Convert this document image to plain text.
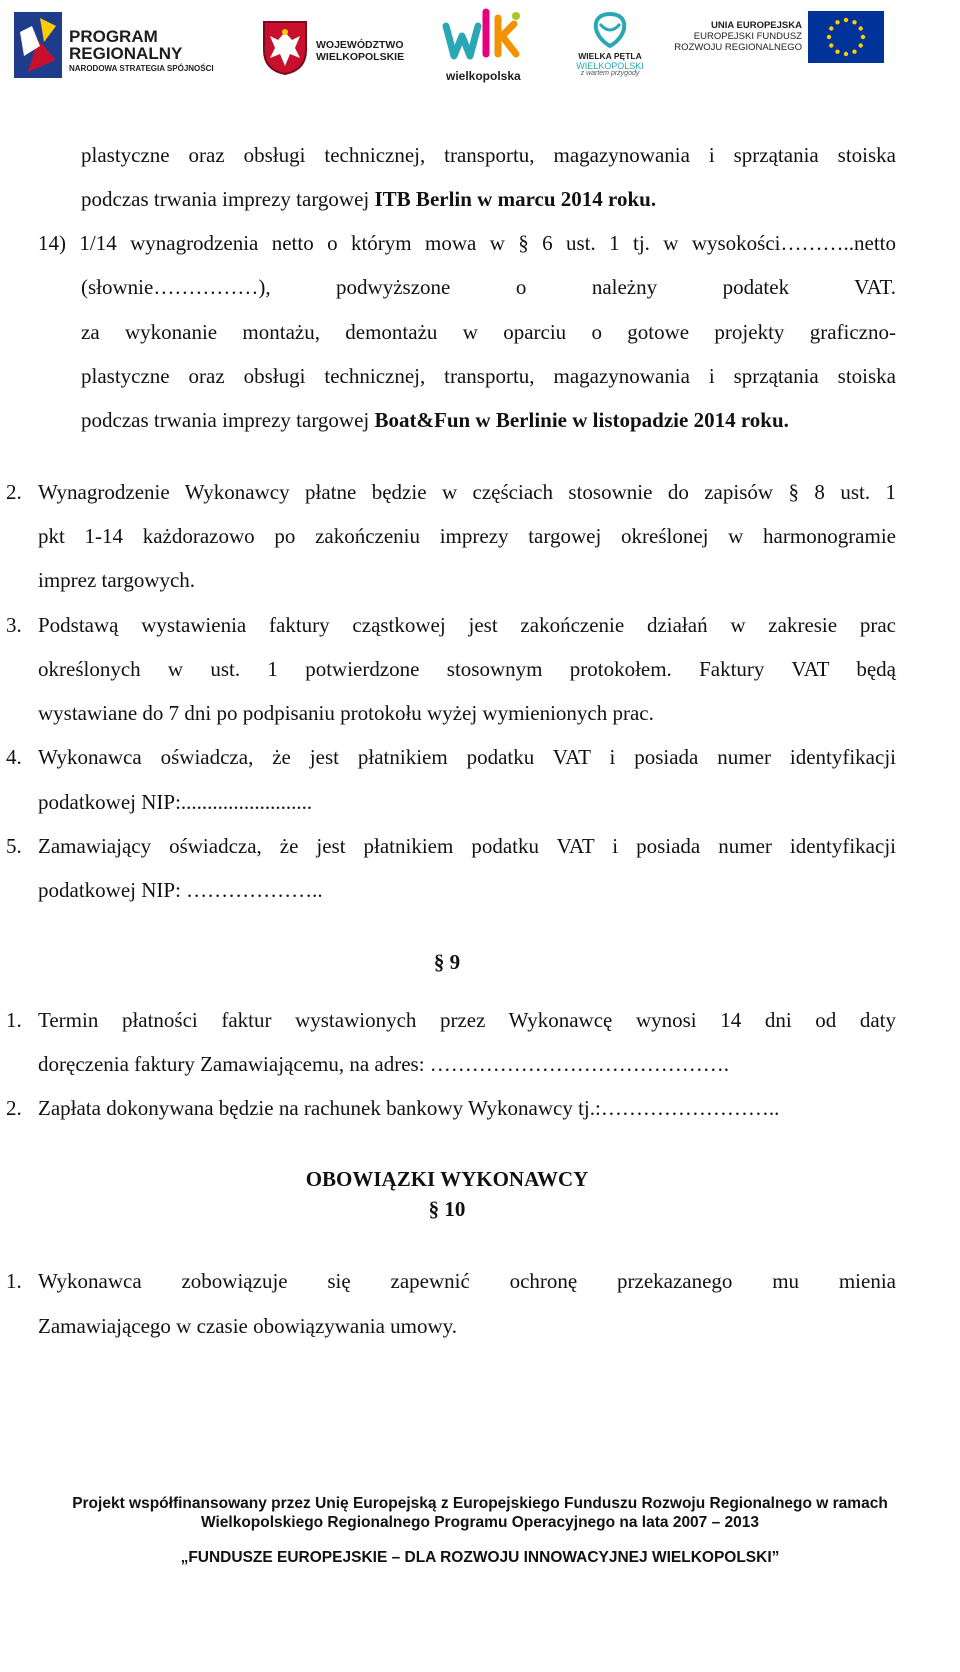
PROGRAM
REGIONALNY
NARODOWA STRATEGIA SPÓJNOŚCI
WOJEWÓDZTWO
WIELKOPOLSKIE
wielkopolska
WIELKA PĘTLA
WIELKOPOLSKI
z wartem przygody
UNIA EUROPEJSKA
EUROPEJSKI FUNDUSZ
ROZWOJU REGIONALNEGO
plastyczne oraz obsługi technicznej, transportu, magazynowania i sprzątania stoiska
podczas trwania imprezy targowej ITB Berlin w marcu 2014 roku.
14) 1/14 wynagrodzenia netto o którym mowa w § 6 ust. 1 tj. w wysokości………..netto
(słownie……………), podwyższone o należny podatek VAT.
za wykonanie montażu, demontażu w oparciu o gotowe projekty graficzno-
plastyczne oraz obsługi technicznej, transportu, magazynowania i sprzątania stoiska
podczas trwania imprezy targowej Boat&Fun w Berlinie w listopadzie 2014 roku.
2. Wynagrodzenie Wykonawcy płatne będzie w częściach stosownie do zapisów § 8 ust. 1
pkt 1-14 każdorazowo po zakończeniu imprezy targowej określonej w harmonogramie
imprez targowych.
3. Podstawą wystawienia faktury cząstkowej jest zakończenie działań w zakresie prac
określonych w ust. 1 potwierdzone stosownym protokołem. Faktury VAT będą
wystawiane do 7 dni po podpisaniu protokołu wyżej wymienionych prac.
4. Wykonawca oświadcza, że jest płatnikiem podatku VAT i posiada numer identyfikacji
podatkowej NIP:.........................
5. Zamawiający oświadcza, że jest płatnikiem podatku VAT i posiada numer identyfikacji
podatkowej NIP: ………………..
§ 9
1. Termin płatności faktur wystawionych przez Wykonawcę wynosi 14 dni od daty
doręczenia faktury Zamawiającemu, na adres: …………………………………….
2. Zapłata dokonywana będzie na rachunek bankowy Wykonawcy tj.:……………………..
OBOWIĄZKI WYKONAWCY
§ 10
1. Wykonawca zobowiązuje się zapewnić ochronę przekazanego mu mienia
Zamawiającego w czasie obowiązywania umowy.
Projekt współfinansowany przez Unię Europejską z Europejskiego Funduszu Rozwoju Regionalnego w ramach
Wielkopolskiego Regionalnego Programu Operacyjnego na lata 2007 – 2013
„FUNDUSZE EUROPEJSKIE – DLA ROZWOJU INNOWACYJNEJ WIELKOPOLSKI”
